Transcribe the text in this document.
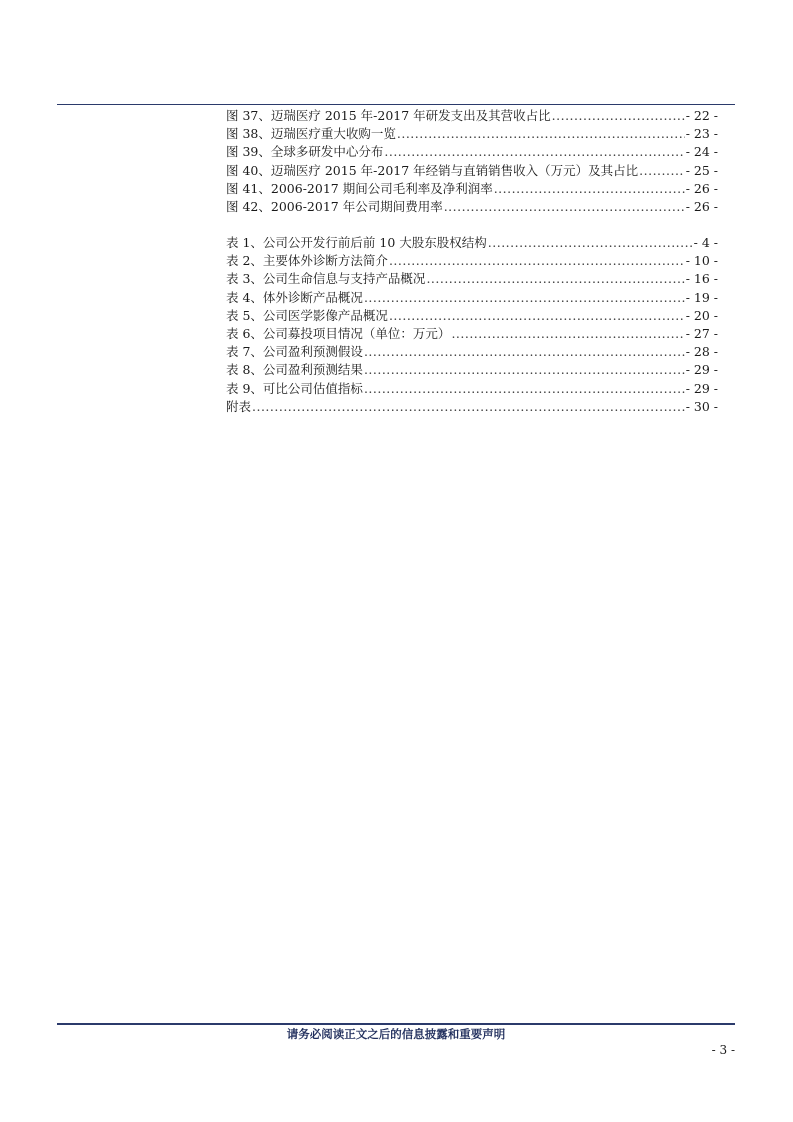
图 37、迈瑞医疗 2015 年-2017 年研发支出及其营收占比 .....	- 22 -
图 38、迈瑞医疗重大收购一览 .....	- 23 -
图 39、全球多研发中心分布 .....	- 24 -
图 40、迈瑞医疗 2015 年-2017 年经销与直销销售收入（万元）及其占比 .....	- 25 -
图 41、2006-2017 期间公司毛利率及净利润率 .....	- 26 -
图 42、2006-2017 年公司期间费用率 .....	- 26 -
表 1、公司公开发行前后前 10 大股东股权结构 .....	- 4 -
表 2、主要体外诊断方法简介 .....	- 10 -
表 3、公司生命信息与支持产品概况 .....	- 16 -
表 4、体外诊断产品概况 .....	- 19 -
表 5、公司医学影像产品概况 .....	- 20 -
表 6、公司募投项目情况（单位：万元） .....	- 27 -
表 7、公司盈利预测假设 .....	- 28 -
表 8、公司盈利预测结果 .....	- 29 -
表 9、可比公司估值指标 .....	- 29 -
附表 .....	- 30 -
请务必阅读正文之后的信息披露和重要声明
- 3 -
